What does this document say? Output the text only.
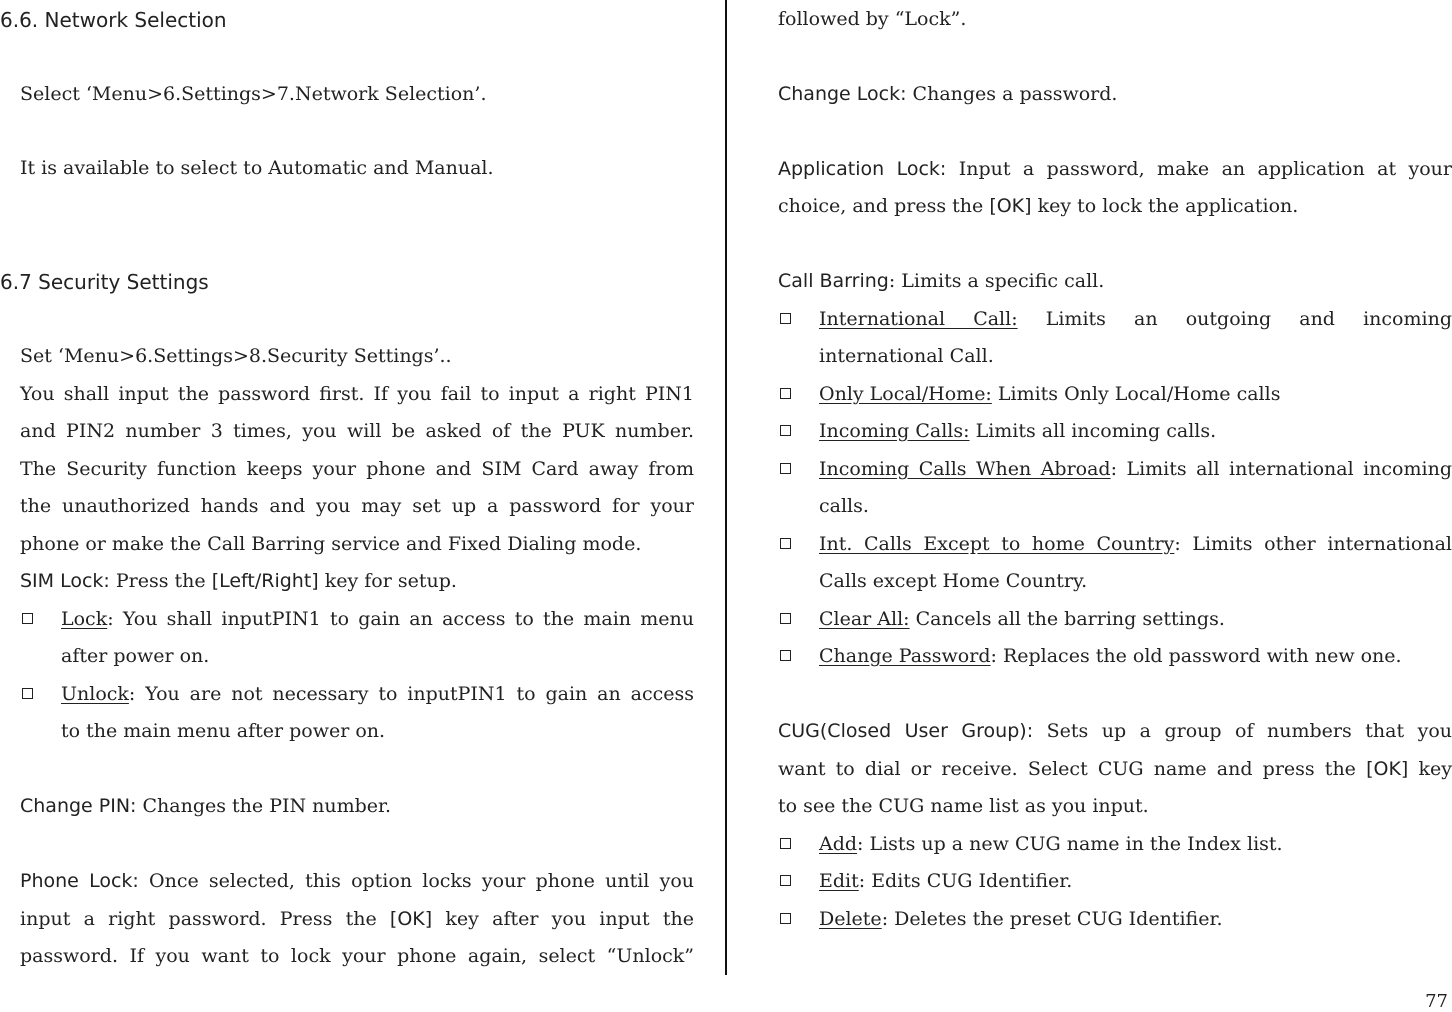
6.6. Network Selection
Select ‘Menu>6.Settings>7.Network Selection’.
It is available to select to Automatic and Manual.
6.7 Security Settings
Set ‘Menu>6.Settings>8.Security Settings’..
You shall input the password first. If you fail to input a right PIN1
and PIN2 number 3 times, you will be asked of the PUK number.
The Security function keeps your phone and SIM Card away from
the unauthorized hands and you may set up a password for your
phone or make the Call Barring service and Fixed Dialing mode.
SIM Lock: Press the [Left/Right] key for setup.
Lock: You shall inputPIN1 to gain an access to the main menu
after power on.
Unlock: You are not necessary to inputPIN1 to gain an access
to the main menu after power on.
Change PIN: Changes the PIN number.
Phone Lock: Once selected, this option locks your phone until you
input a right password. Press the [OK] key after you input the
password. If you want to lock your phone again, select “Unlock”
followed by “Lock”.
Change Lock: Changes a password.
Application Lock: Input a password, make an application at your
choice, and press the [OK] key to lock the application.
Call Barring: Limits a specific call.
International Call: Limits an outgoing and incoming
international Call.
Only Local/Home: Limits Only Local/Home calls
Incoming Calls: Limits all incoming calls.
Incoming Calls When Abroad: Limits all international incoming
calls.
Int. Calls Except to home Country: Limits other international
Calls except Home Country.
Clear All: Cancels all the barring settings.
Change Password: Replaces the old password with new one.
CUG(Closed User Group): Sets up a group of numbers that you
want to dial or receive. Select CUG name and press the [OK] key
to see the CUG name list as you input.
Add: Lists up a new CUG name in the Index list.
Edit: Edits CUG Identifier.
Delete: Deletes the preset CUG Identifier.
77
